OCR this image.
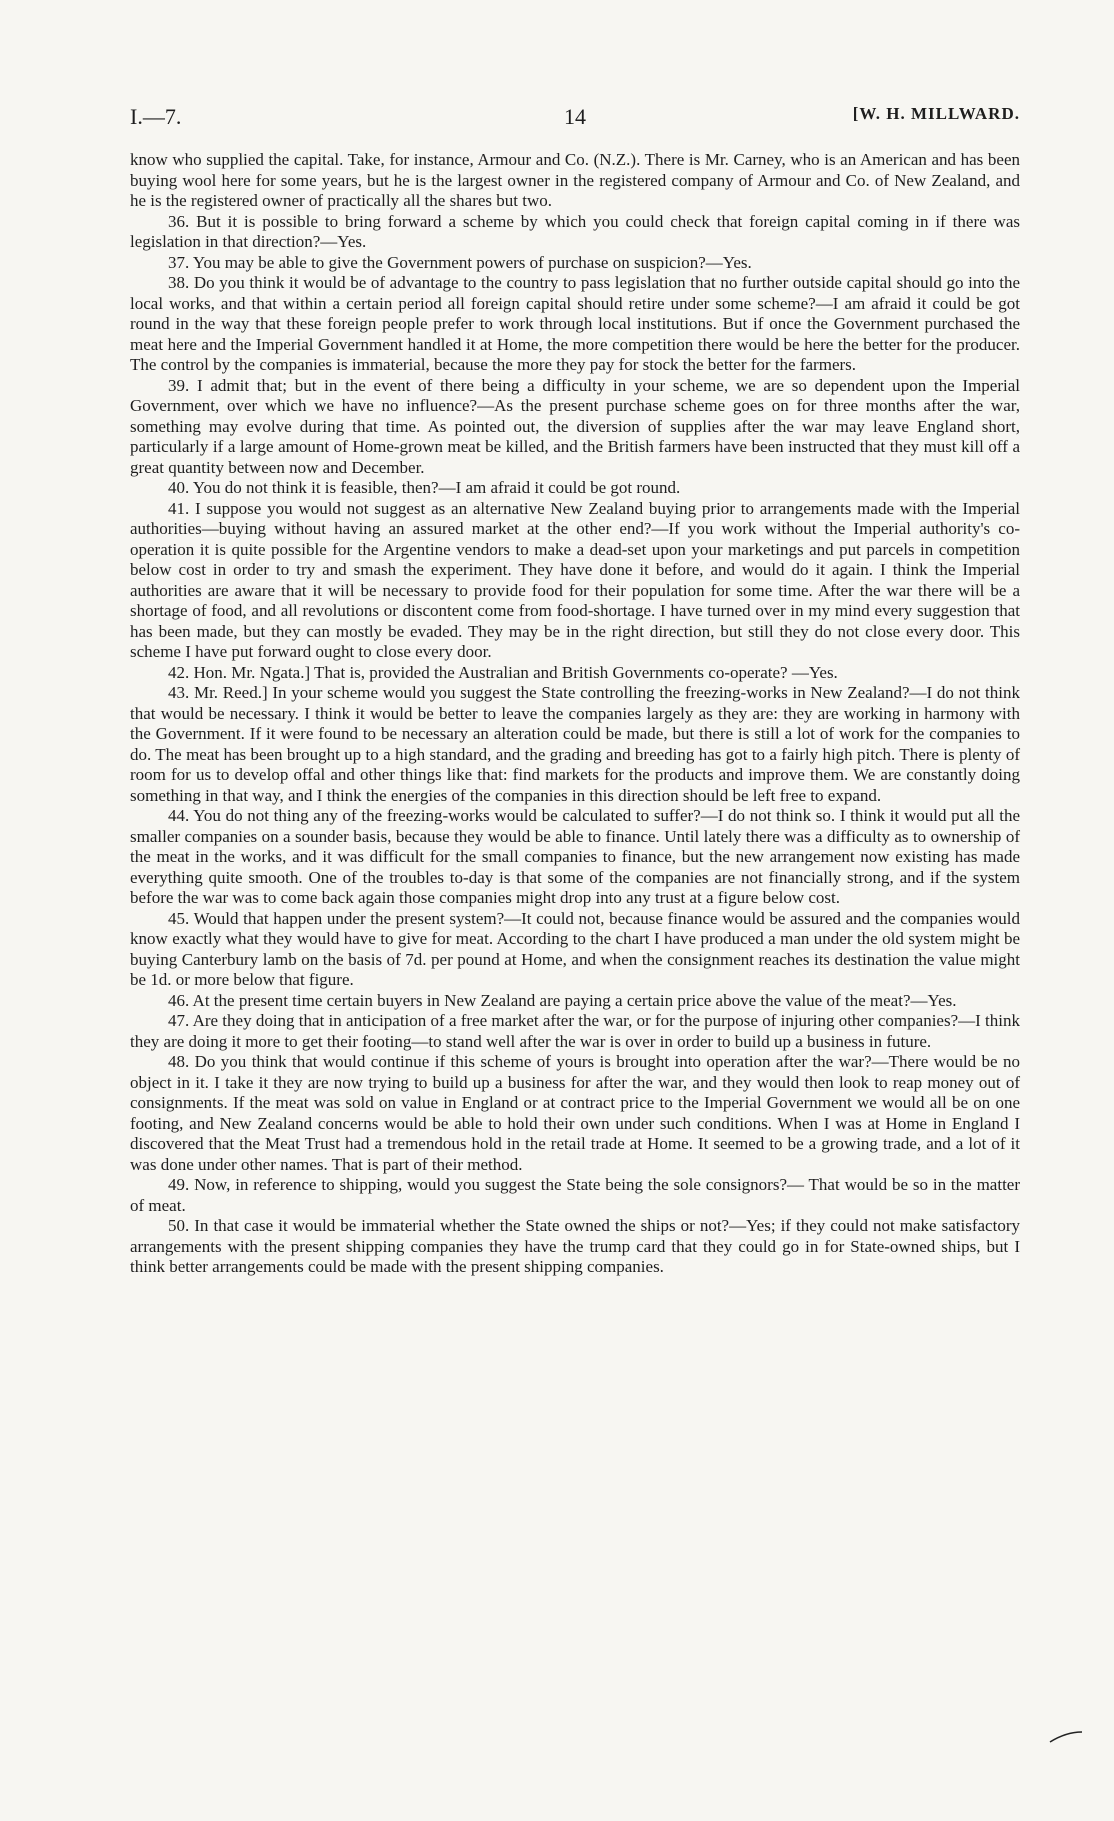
I.—7.	14	[W. H. MILLWARD.

know who supplied the capital. Take, for instance, Armour and Co. (N.Z.). There is Mr. Carney, who is an American and has been buying wool here for some years, but he is the largest owner in the registered company of Armour and Co. of New Zealand, and he is the registered owner of practically all the shares but two.

36. But it is possible to bring forward a scheme by which you could check that foreign capital coming in if there was legislation in that direction?—Yes.

37. You may be able to give the Government powers of purchase on suspicion?—Yes.

38. Do you think it would be of advantage to the country to pass legislation that no further outside capital should go into the local works, and that within a certain period all foreign capital should retire under some scheme?—I am afraid it could be got round in the way that these foreign people prefer to work through local institutions. But if once the Government purchased the meat here and the Imperial Government handled it at Home, the more competition there would be here the better for the producer. The control by the companies is immaterial, because the more they pay for stock the better for the farmers.

39. I admit that; but in the event of there being a difficulty in your scheme, we are so dependent upon the Imperial Government, over which we have no influence?—As the present purchase scheme goes on for three months after the war, something may evolve during that time. As pointed out, the diversion of supplies after the war may leave England short, particularly if a large amount of Home-grown meat be killed, and the British farmers have been instructed that they must kill off a great quantity between now and December.

40. You do not think it is feasible, then?—I am afraid it could be got round.

41. I suppose you would not suggest as an alternative New Zealand buying prior to arrangements made with the Imperial authorities—buying without having an assured market at the other end?—If you work without the Imperial authority's co-operation it is quite possible for the Argentine vendors to make a dead-set upon your marketings and put parcels in competition below cost in order to try and smash the experiment. They have done it before, and would do it again. I think the Imperial authorities are aware that it will be necessary to provide food for their population for some time. After the war there will be a shortage of food, and all revolutions or discontent come from food-shortage. I have turned over in my mind every suggestion that has been made, but they can mostly be evaded. They may be in the right direction, but still they do not close every door. This scheme I have put forward ought to close every door.

42. Hon. Mr. Ngata.] That is, provided the Australian and British Governments co-operate? —Yes.

43. Mr. Reed.] In your scheme would you suggest the State controlling the freezing-works in New Zealand?—I do not think that would be necessary. I think it would be better to leave the companies largely as they are: they are working in harmony with the Government. If it were found to be necessary an alteration could be made, but there is still a lot of work for the companies to do. The meat has been brought up to a high standard, and the grading and breeding has got to a fairly high pitch. There is plenty of room for us to develop offal and other things like that: find markets for the products and improve them. We are constantly doing something in that way, and I think the energies of the companies in this direction should be left free to expand.

44. You do not thing any of the freezing-works would be calculated to suffer?—I do not think so. I think it would put all the smaller companies on a sounder basis, because they would be able to finance. Until lately there was a difficulty as to ownership of the meat in the works, and it was difficult for the small companies to finance, but the new arrangement now existing has made everything quite smooth. One of the troubles to-day is that some of the companies are not financially strong, and if the system before the war was to come back again those companies might drop into any trust at a figure below cost.

45. Would that happen under the present system?—It could not, because finance would be assured and the companies would know exactly what they would have to give for meat. According to the chart I have produced a man under the old system might be buying Canterbury lamb on the basis of 7d. per pound at Home, and when the consignment reaches its destination the value might be 1d. or more below that figure.

46. At the present time certain buyers in New Zealand are paying a certain price above the value of the meat?—Yes.

47. Are they doing that in anticipation of a free market after the war, or for the purpose of injuring other companies?—I think they are doing it more to get their footing—to stand well after the war is over in order to build up a business in future.

48. Do you think that would continue if this scheme of yours is brought into operation after the war?—There would be no object in it. I take it they are now trying to build up a business for after the war, and they would then look to reap money out of consignments. If the meat was sold on value in England or at contract price to the Imperial Government we would all be on one footing, and New Zealand concerns would be able to hold their own under such conditions. When I was at Home in England I discovered that the Meat Trust had a tremendous hold in the retail trade at Home. It seemed to be a growing trade, and a lot of it was done under other names. That is part of their method.

49. Now, in reference to shipping, would you suggest the State being the sole consignors?— That would be so in the matter of meat.

50. In that case it would be immaterial whether the State owned the ships or not?—Yes; if they could not make satisfactory arrangements with the present shipping companies they have the trump card that they could go in for State-owned ships, but I think better arrangements could be made with the present shipping companies.
